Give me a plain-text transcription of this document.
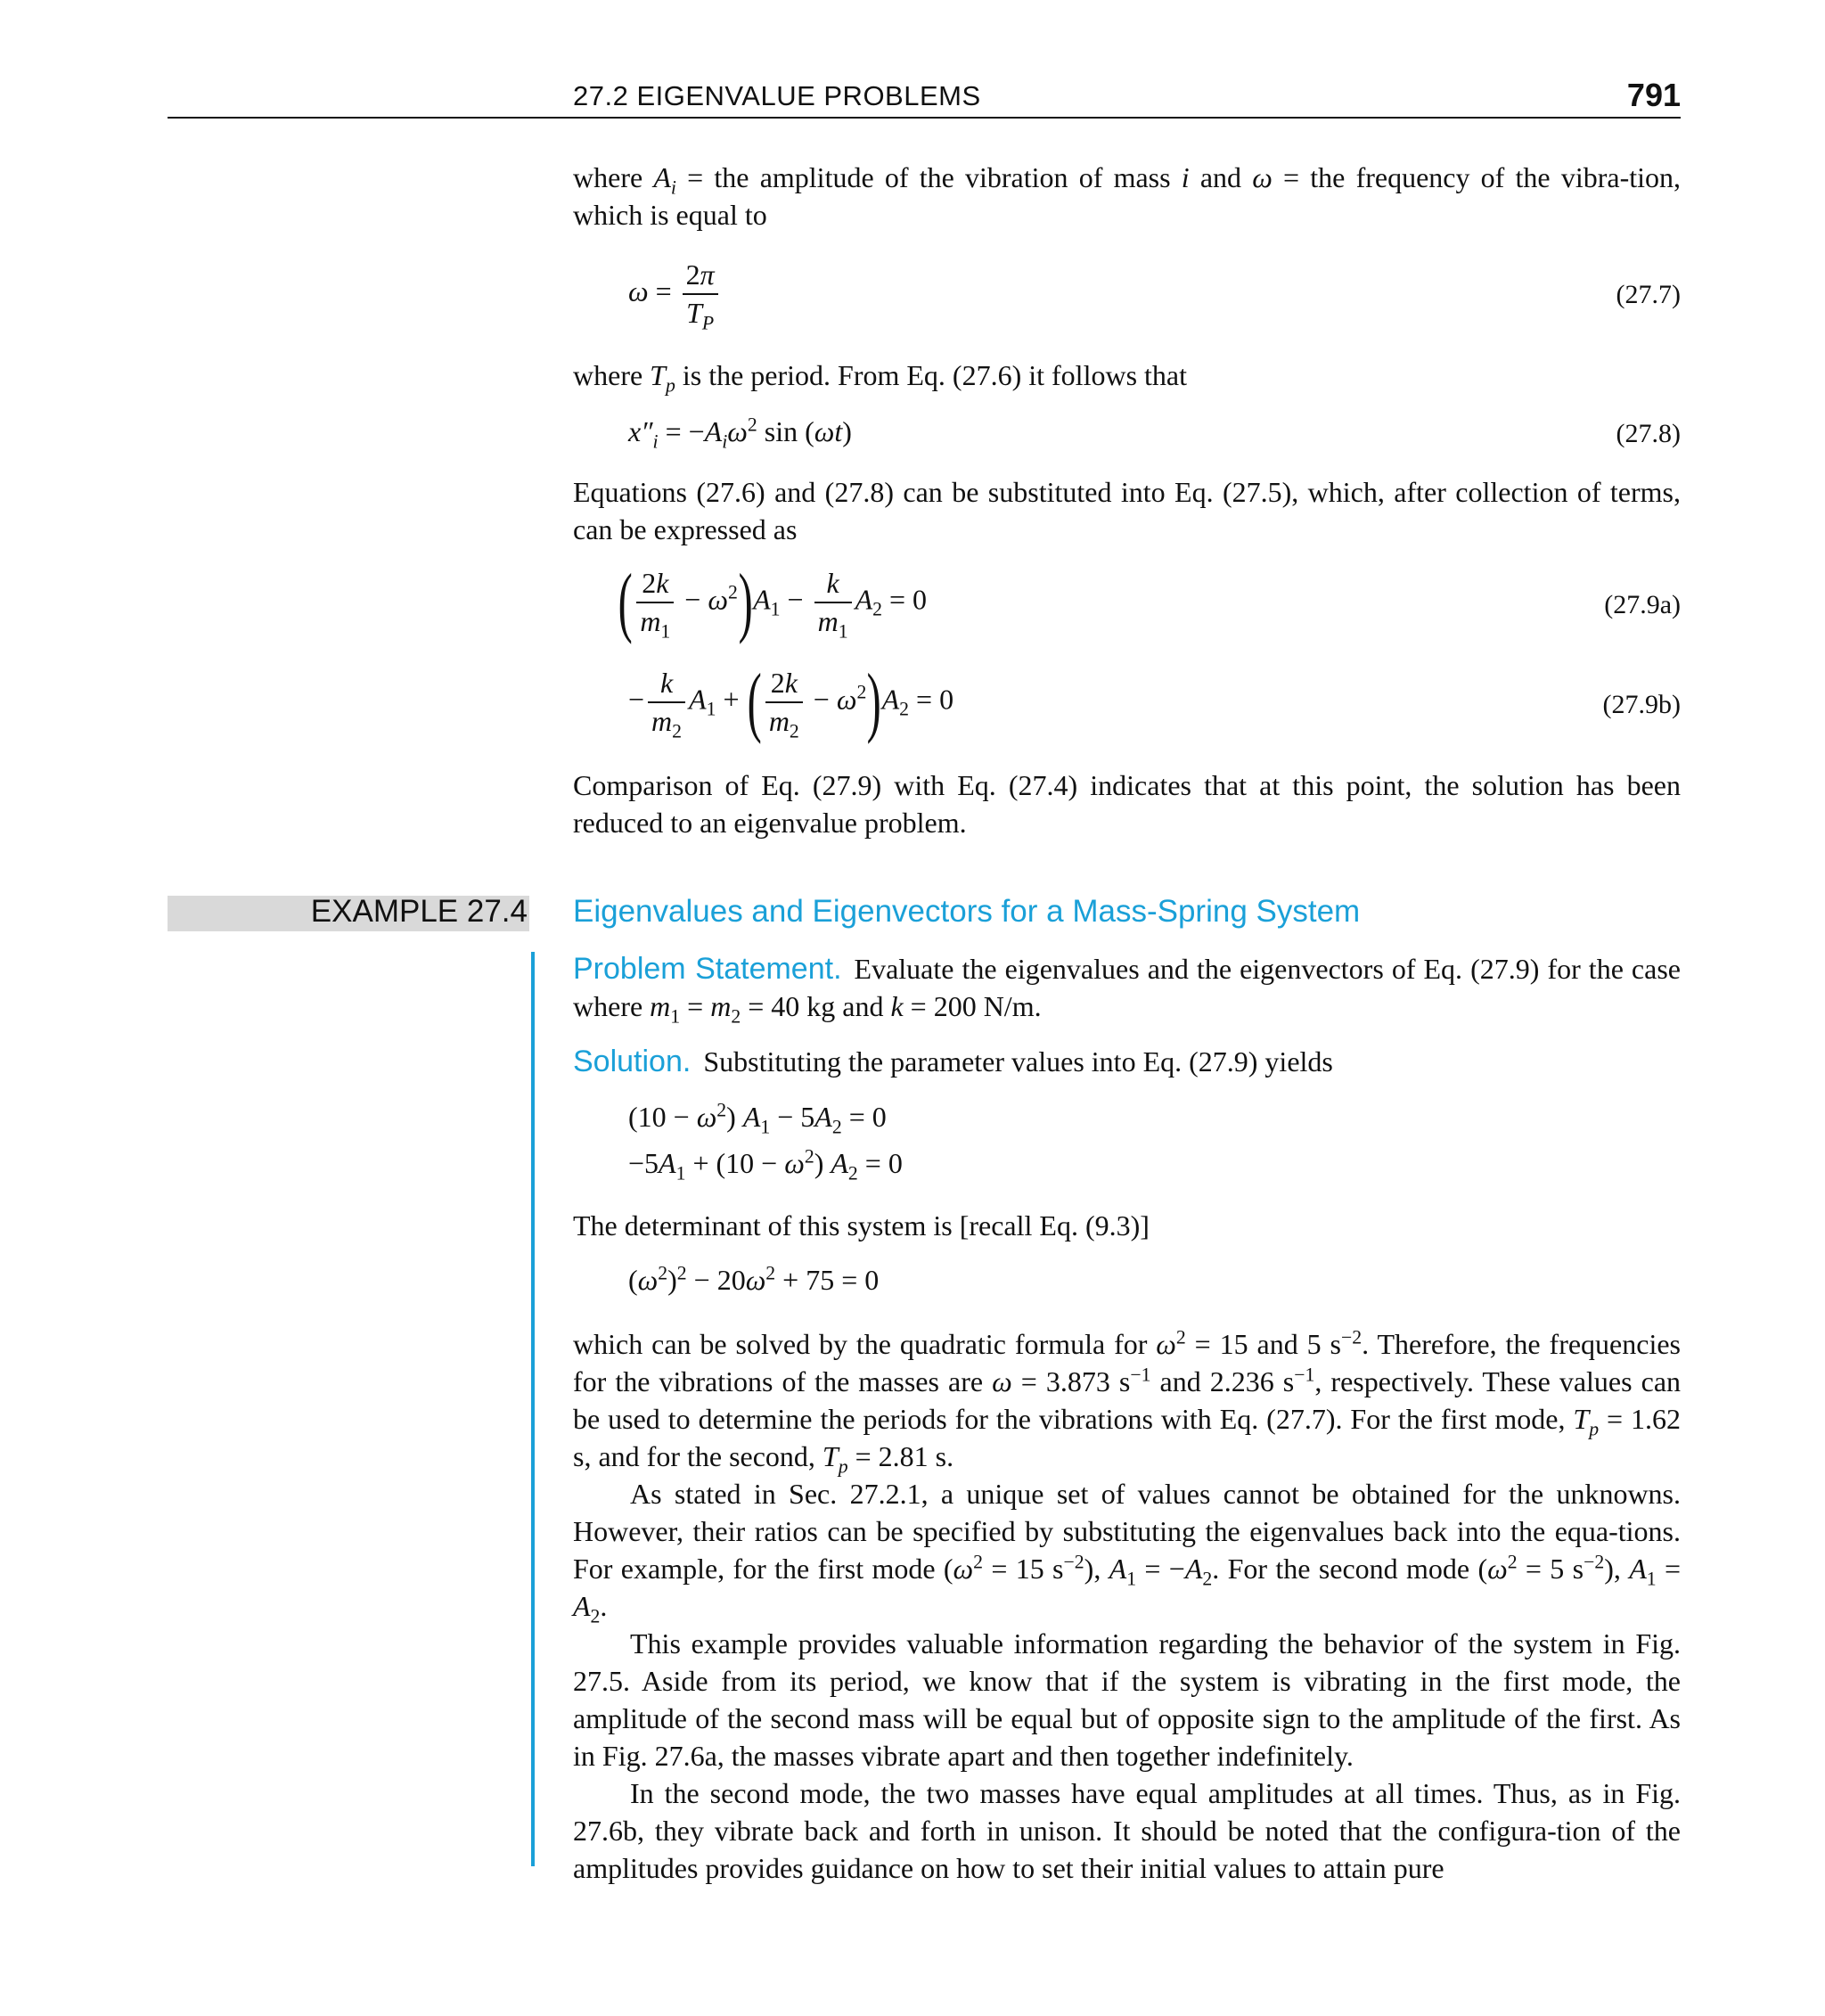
27.2 EIGENVALUE PROBLEMS	791

where $A_i$ = the amplitude of the vibration of mass i and ω = the frequency of the vibra-tion, which is equal to

$\omega = \frac{2\pi}{T_P}$	(27.7)

where $T_p$ is the period. From Eq. (27.6) it follows that

$x''_i = -A_i\omega^2$ sin (ωt)	(27.8)

Equations (27.6) and (27.8) can be substituted into Eq. (27.5), which, after collection of terms, can be expressed as

( $\frac{2k}{m_1} - \omega^2)A_1 - \frac{k}{m_1} A_2 = 0$	(27.9a)
− $\frac{k}{m_2} A_1$ + ( $\frac{2k}{m_2} - \omega^2)A_2 = 0$	(27.9b)

Comparison of Eq. (27.9) with Eq. (27.4) indicates that at this point, the solution has been reduced to an eigenvalue problem.

EXAMPLE 27.4 Eigenvalues and Eigenvectors for a Mass-Spring System

Problem Statement. Evaluate the eigenvalues and the eigenvectors of Eq. (27.9) for the case where $m_1 = m_2 = 40$ kg and k = 200 N/m.

Solution. Substituting the parameter values into Eq. (27.9) yields

$(10 - \omega^2)$ $A_1 - 5A_2 = 0$
$-5A_1 + (10 - \omega^2) A_2 = 0$

The determinant of this system is [recall Eq. (9.3)]

$(\omega^2)^2 - 20\omega^2 + 75 = 0$

which can be solved by the quadratic formula for $\omega^2 = 15$ and 5 $s^{-2}$. Therefore, the frequencies for the vibrations of the masses are ω = 3.873 $s^{-1}$ and 2.236 $s^{-1}$, respectively. These values can be used to determine the periods for the vibrations with Eq. (27.7). For the first mode, $T_p = 1.62$ s, and for the second, $T_p = 2.81$ s.

As stated in Sec. 27.2.1, a unique set of values cannot be obtained for the unknowns. However, their ratios can be specified by substituting the eigenvalues back into the equa-tions. For example, for the first mode ($\omega^2 = 15$ $s^{-2}$), $A_1 = -A_2$. For the second mode ($\omega^2 = 5$ $s^{-2}$), $A_1 = A_2$.

This example provides valuable information regarding the behavior of the system in Fig. 27.5. Aside from its period, we know that if the system is vibrating in the first mode, the amplitude of the second mass will be equal but of opposite sign to the amplitude of the first. As in Fig. 27.6a, the masses vibrate apart and then together indefinitely.

In the second mode, the two masses have equal amplitudes at all times. Thus, as in Fig. 27.6b, they vibrate back and forth in unison. It should be noted that the configura-tion of the amplitudes provides guidance on how to set their initial values to attain pure
